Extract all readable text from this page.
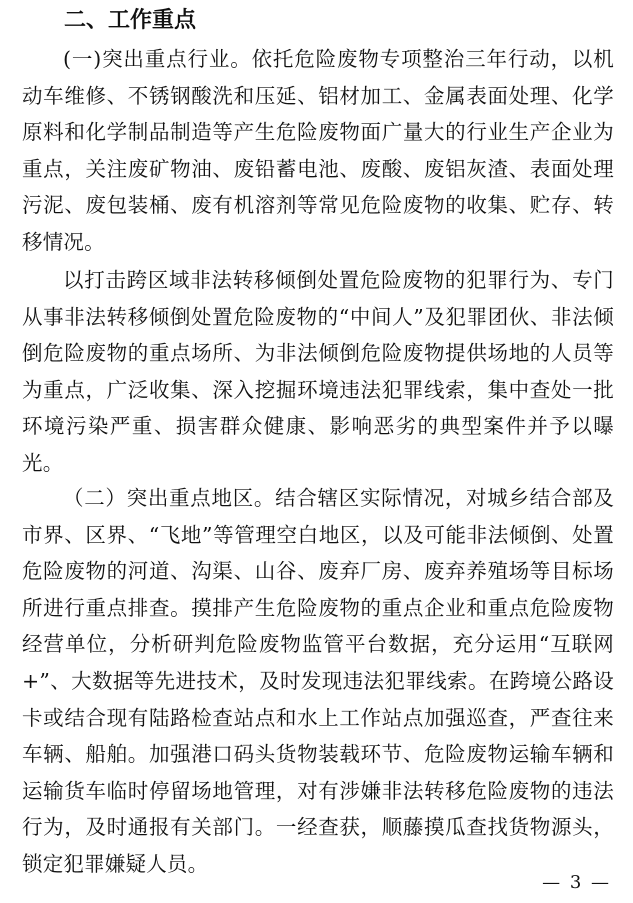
二、工作重点

(一)突出重点行业。依托危险废物专项整治三年行动，以机动车维修、不锈钢酸洗和压延、铝材加工、金属表面处理、化学原料和化学制品制造等产生危险废物面广量大的行业生产企业为重点，关注废矿物油、废铅蓄电池、废酸、废铝灰渣、表面处理污泥、废包装桶、废有机溶剂等常见危险废物的收集、贮存、转移情况。

以打击跨区域非法转移倾倒处置危险废物的犯罪行为、专门从事非法转移倾倒处置危险废物的“中间人”及犯罪团伙、非法倾倒危险废物的重点场所、为非法倾倒危险废物提供场地的人员等为重点，广泛收集、深入挖掘环境违法犯罪线索，集中查处一批环境污染严重、损害群众健康、影响恶劣的典型案件并予以曝光。

（二）突出重点地区。结合辖区实际情况，对城乡结合部及市界、区界、“飞地”等管理空白地区，以及可能非法倾倒、处置危险废物的河道、沟渠、山谷、废弃厂房、废弃养殖场等目标场所进行重点排查。摸排产生危险废物的重点企业和重点危险废物经营单位，分析研判危险废物监管平台数据，充分运用“互联网+”、大数据等先进技术，及时发现违法犯罪线索。在跨境公路设卡或结合现有陆路检查站点和水上工作站点加强巡查，严查往来车辆、船舶。加强港口码头货物装载环节、危险废物运输车辆和运输货车临时停留场地管理，对有涉嫌非法转移危险废物的违法行为，及时通报有关部门。一经查获，顺藤摸瓜查找货物源头，锁定犯罪嫌疑人员。

— 3 —
